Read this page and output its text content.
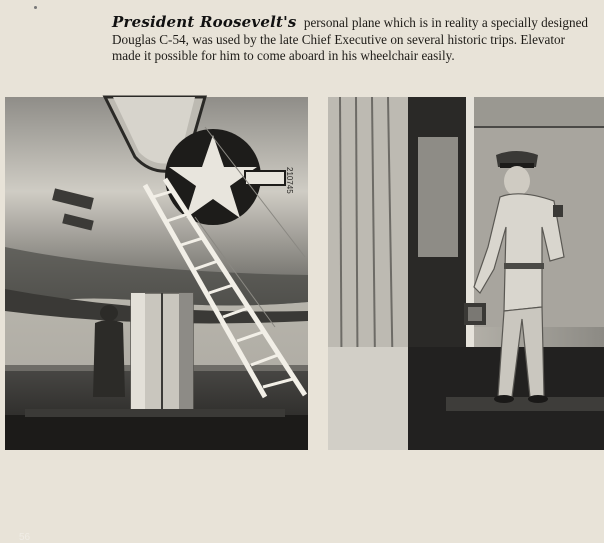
President Roosevelt's personal plane which is in reality a specially designed Douglas C-54, was used by the late Chief Executive on several historic trips. Elevator made it possible for him to come aboard in his wheelchair easily.
210745
56
